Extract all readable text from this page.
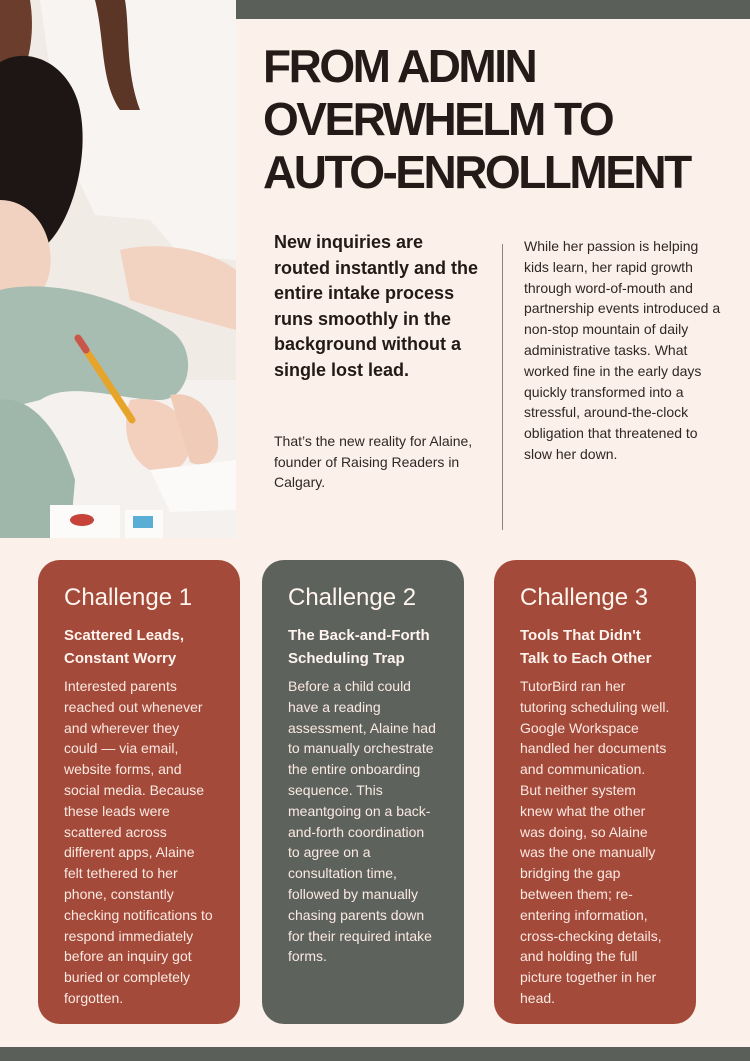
FROM ADMIN
OVERWHELM TO
AUTO-ENROLLMENT

New inquiries are routed instantly and the entire intake process runs smoothly in the background without a single lost lead.

That’s the new reality for Alaine, founder of Raising Readers in Calgary.

While her passion is helping kids learn, her rapid growth through word-of-mouth and partnership events introduced a non-stop mountain of daily administrative tasks. What worked fine in the early days quickly transformed into a stressful, around-the-clock obligation that threatened to slow her down.

Challenge 1
Scattered Leads, Constant Worry

Interested parents reached out whenever and wherever they could — via email, website forms, and social media. Because these leads were scattered across different apps, Alaine felt tethered to her phone, constantly checking notifications to respond immediately before an inquiry got buried or completely forgotten.

Challenge 2
The Back-and-Forth Scheduling Trap

Before a child could have a reading assessment, Alaine had to manually orchestrate the entire onboarding sequence. This meantgoing on a back-and-forth coordination to agree on a consultation time, followed by manually chasing parents down for their required intake forms.

Challenge 3
Tools That Didn't Talk to Each Other

TutorBird ran her tutoring scheduling well. Google Workspace handled her documents and communication. But neither system knew what the other was doing, so Alaine was the one manually bridging the gap between them; re-entering information, cross-checking details, and holding the full picture together in her head.
